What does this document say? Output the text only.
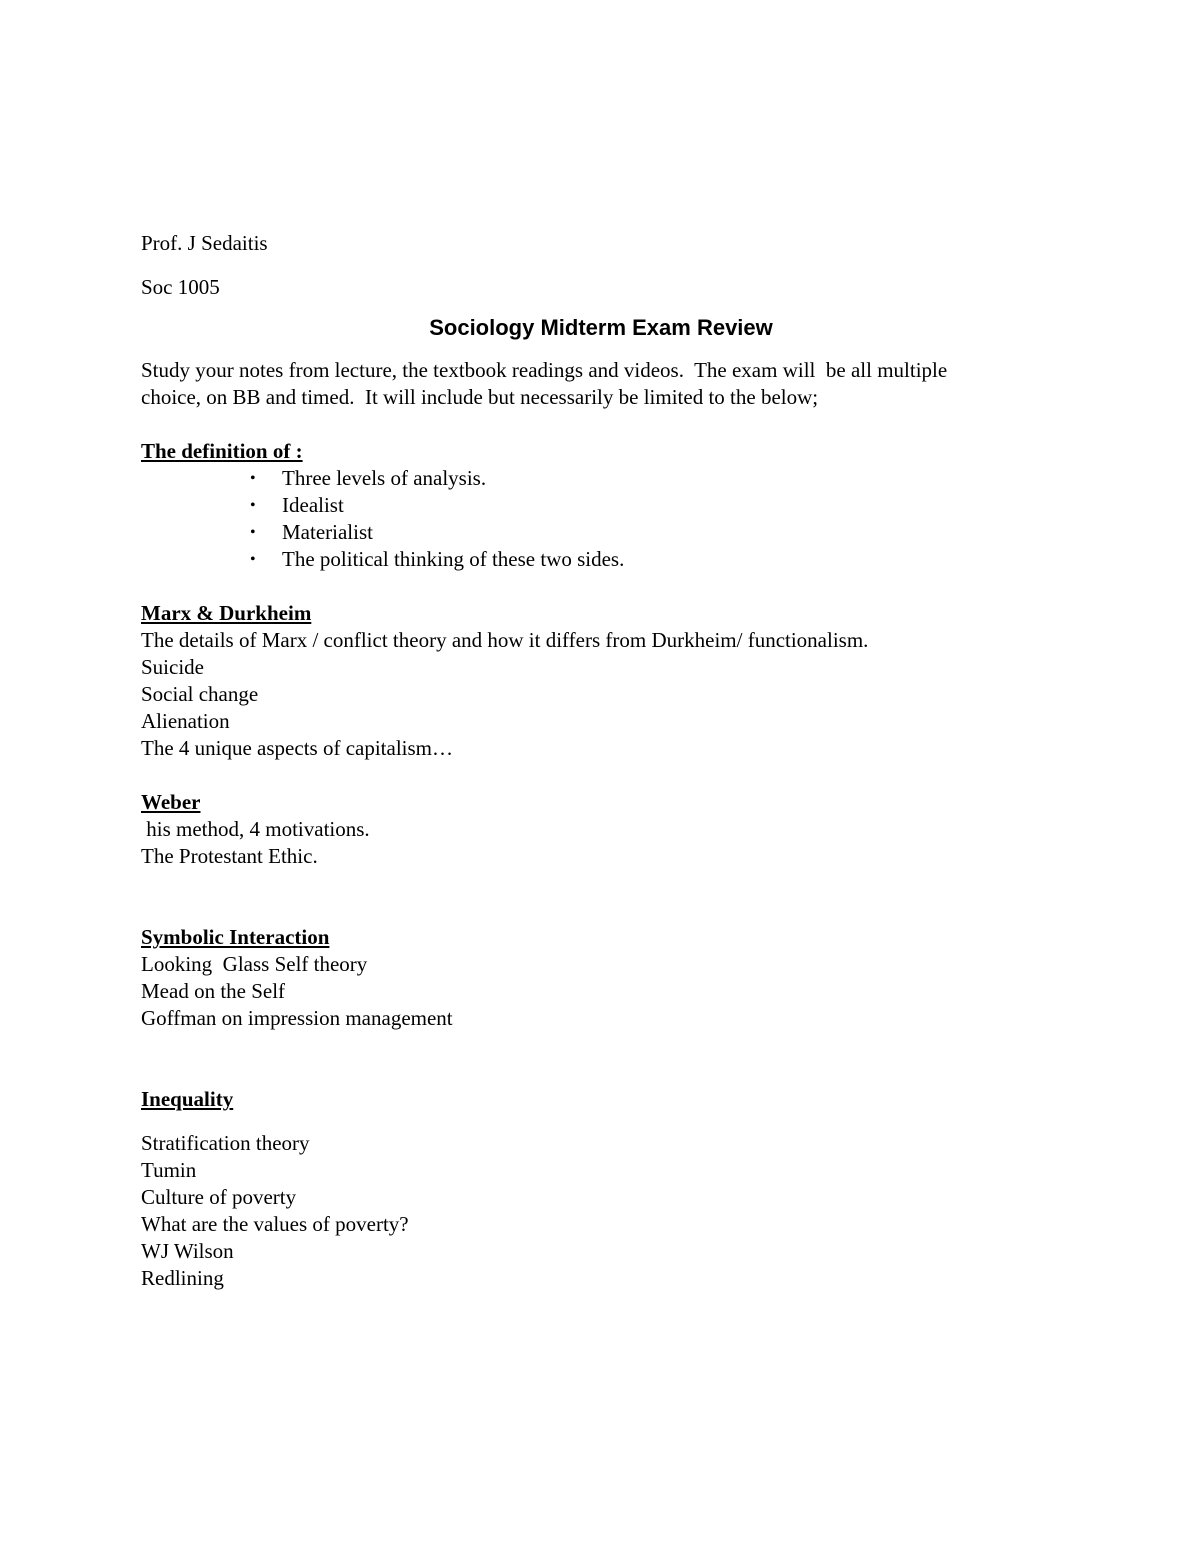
Prof. J Sedaitis
Soc 1005
Sociology Midterm Exam Review
Study your notes from lecture, the textbook readings and videos.  The exam will  be all multiple
choice, on BB and timed.  It will include but necessarily be limited to the below;
The definition of :
• Three levels of analysis.
• Idealist
• Materialist
• The political thinking of these two sides.
Marx & Durkheim
The details of Marx / conflict theory and how it differs from Durkheim/ functionalism.
Suicide
Social change
Alienation
The 4 unique aspects of capitalism…
Weber
his method, 4 motivations.
The Protestant Ethic.
Symbolic Interaction
Looking  Glass Self theory
Mead on the Self
Goffman on impression management
Inequality
Stratification theory
Tumin
Culture of poverty
What are the values of poverty?
WJ Wilson
Redlining
